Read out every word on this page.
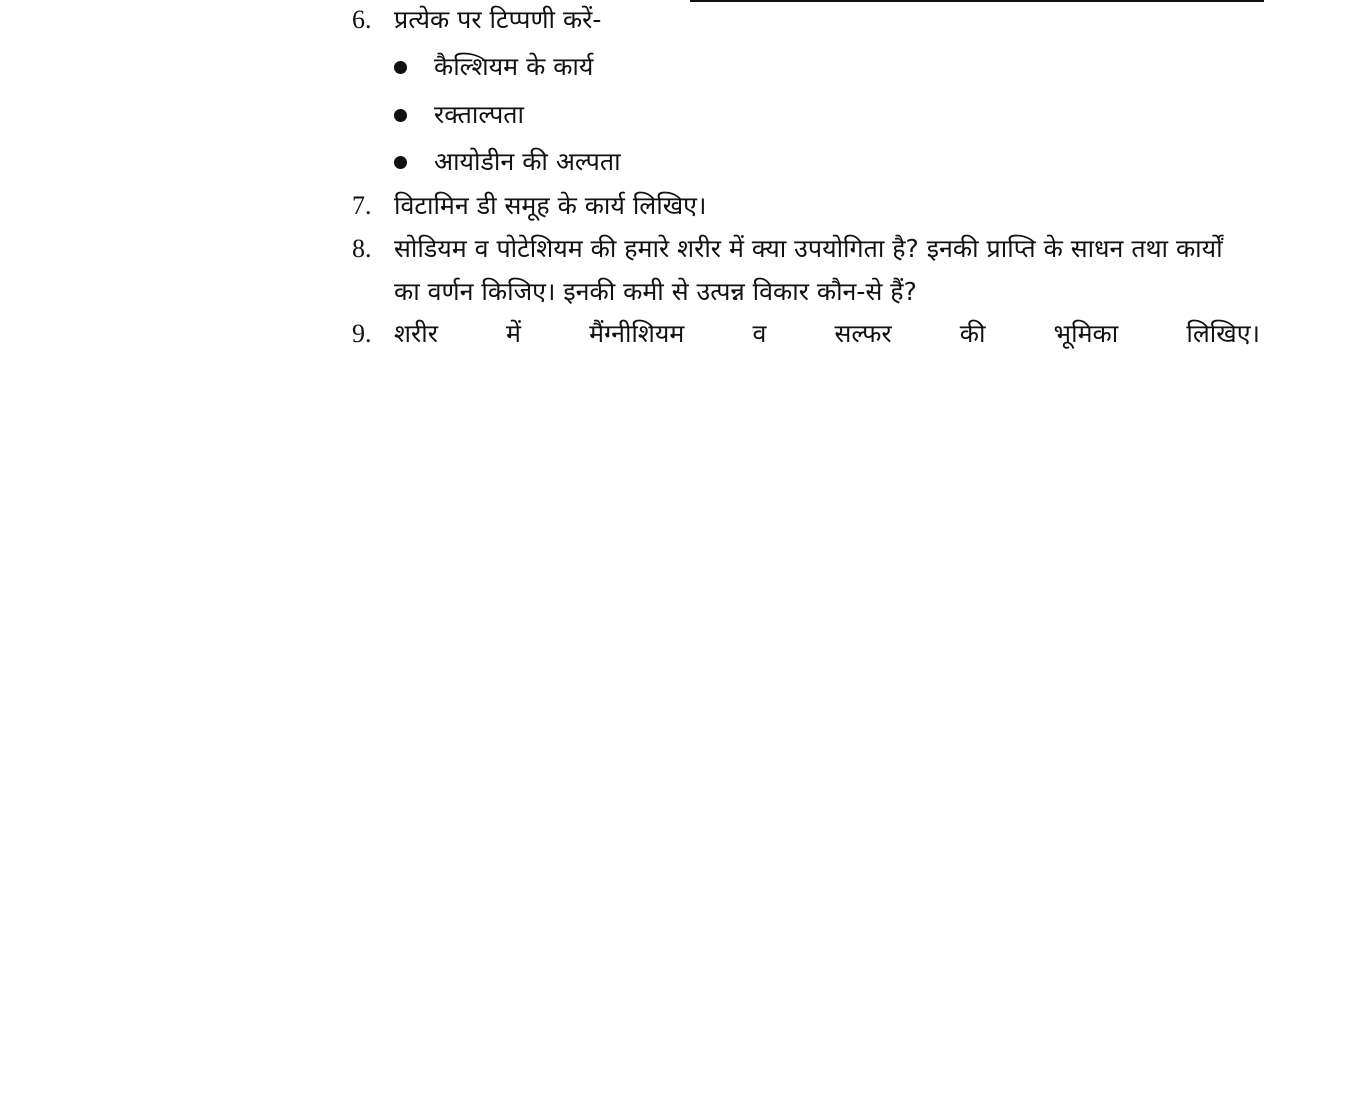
6. प्रत्येक पर टिप्पणी करें-
कैल्शियम के कार्य
रक्ताल्पता
आयोडीन की अल्पता
7. विटामिन डी समूह के कार्य लिखिए।
8. सोडियम व पोटेशियम की हमारे शरीर में क्या उपयोगिता है? इनकी प्राप्ति के साधन तथा कार्यों
का वर्णन किजिए। इनकी कमी से उत्पन्न विकार कौन-से हैं?
9. शरीर	में	मैंग्नीशियम	व	सल्फर	की	भूमिका	लिखिए।
